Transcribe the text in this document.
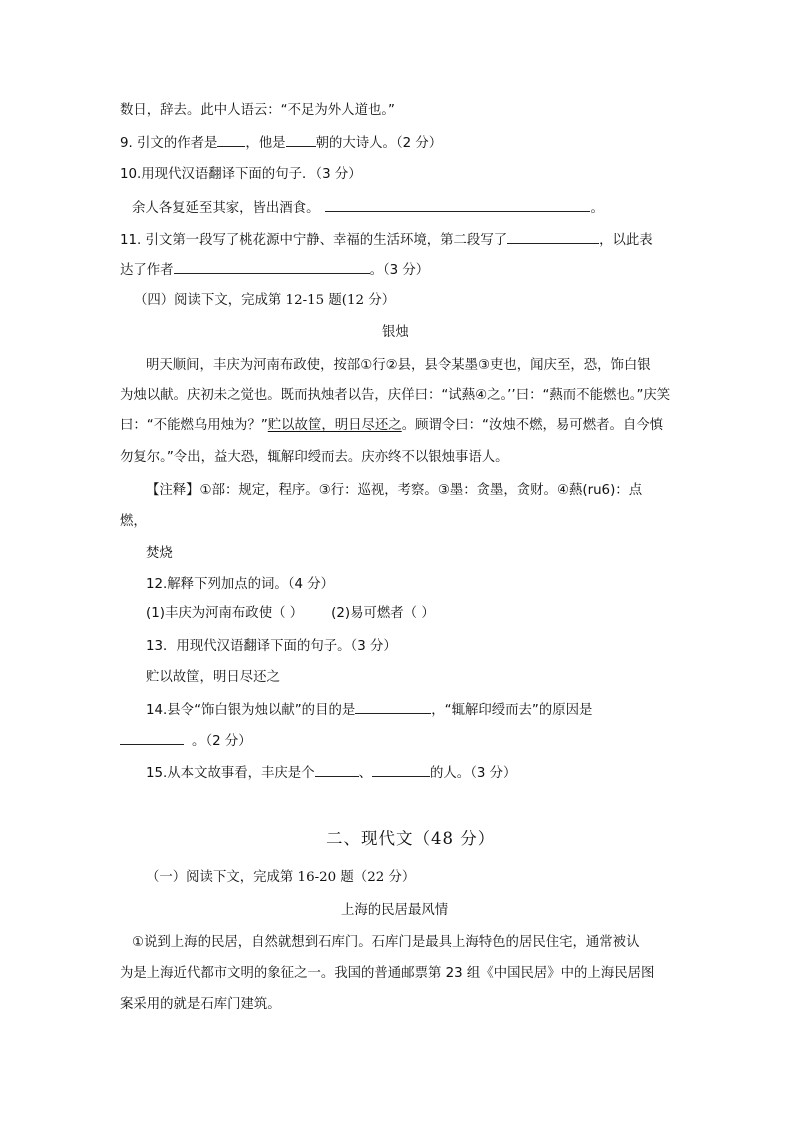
数日，辞去。此中人语云：“不足为外人道也。”
9. 引文的作者是 ，他是 朝的大诗人。（2 分）
10.用现代汉语翻译下面的句子．（3 分）
余人各复延至其家，皆出酒食。	。
11. 引文第一段写了桃花源中宁静、幸福的生活环境，第二段写了	，以此表
达了作者	。（3 分）
（四）阅读下文，完成第 12-15 题(12 分）
银烛
明天顺间，丰庆为河南布政使，按部①行②县，县令某墨③吏也，闻庆至，恐，饰白银
为烛以献。庆初未之觉也。既而执烛者以告，庆佯曰：“试爇④之。’’曰：“爇而不能燃也。”庆笑
曰：“不能燃乌用烛为？”贮以故筐，明日尽还之。顾谓令曰：“汝烛不燃，易可燃者。自今慎
勿复尔。”令出，益大恐，辄解印绶而去。庆亦终不以银烛事语人。
【注释】①部：规定，程序。③行：巡视，考察。③墨：贪墨，贪财。④爇(ru6)：点
燃，
焚烧
12.解释下列加点的词。（4 分）
(1)丰庆为河南布政使（ ） (2)易可燃者（ ）
13．用现代汉语翻译下面的句子。（3 分）
贮以故筐，明日尽还之
14.县令“饰白银为烛以献”的目的是	，“辄解印绶而去”的原因是
。（2 分）
15.从本文故事看，丰庆是个	、	的人。（3 分）
二、现代文（48 分）
（一）阅读下文，完成第 16-20 题（22 分）
上海的民居最风情
①说到上海的民居，自然就想到石库门。石库门是最具上海特色的居民住宅，通常被认
为是上海近代都市文明的象征之一。我国的普通邮票第 23 组《中国民居》中的上海民居图
案采用的就是石库门建筑。
